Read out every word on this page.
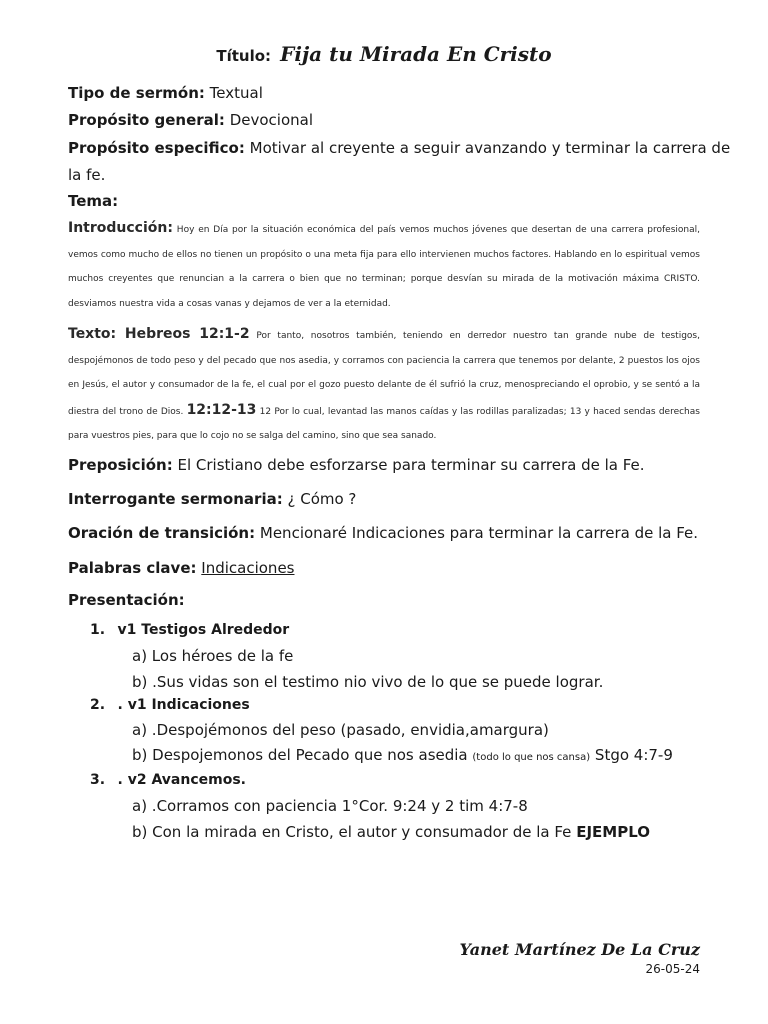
Título: Fija tu Mirada En Cristo
Tipo de sermón: Textual
Propósito general: Devocional
Propósito especifico: Motivar al creyente a seguir avanzando y terminar la carrera de
la fe.
Tema:
Introducción: Hoy en Día por la situación económica del país vemos muchos jóvenes que desertan de una carrera profesional, vemos como mucho de ellos no tienen un propósito o una meta fija para ello intervienen muchos factores. Hablando en lo espiritual vemos muchos creyentes que renuncian a la carrera o bien que no terminan; porque desvían su mirada de la motivación máxima CRISTO. desviamos nuestra vida a cosas vanas y dejamos de ver a la eternidad.
Texto: Hebreos 12:1-2 Por tanto, nosotros también, teniendo en derredor nuestro tan grande nube de testigos, despojémonos de todo peso y del pecado que nos asedia, y corramos con paciencia la carrera que tenemos por delante, 2 puestos los ojos en Jesús, el autor y consumador de la fe, el cual por el gozo puesto delante de él sufrió la cruz, menospreciando el oprobio, y se sentó a la diestra del trono de Dios. 12:12-13 12 Por lo cual, levantad las manos caídas y las rodillas paralizadas; 13 y haced sendas derechas para vuestros pies, para que lo cojo no se salga del camino, sino que sea sanado.
Preposición: El Cristiano debe esforzarse para terminar su carrera de la Fe.
Interrogante sermonaria: ¿ Cómo ?
Oración de transición: Mencionaré Indicaciones para terminar la carrera de la Fe.
Palabras clave: Indicaciones
Presentación:
1. v1 Testigos Alrededor
a) Los héroes de la fe
b) .Sus vidas son el testimo nio vivo de lo que se puede lograr.
2. . v1 Indicaciones
a) .Despojémonos del peso (pasado, envidia,amargura)
b) Despojemonos del Pecado que nos asedia (todo lo que nos cansa) Stgo 4:7-9
3. . v2 Avancemos.
a) .Corramos con paciencia 1°Cor. 9:24 y 2 tim 4:7-8
b) Con la mirada en Cristo, el autor y consumador de la Fe EJEMPLO
Yanet Martínez De La Cruz
26-05-24
